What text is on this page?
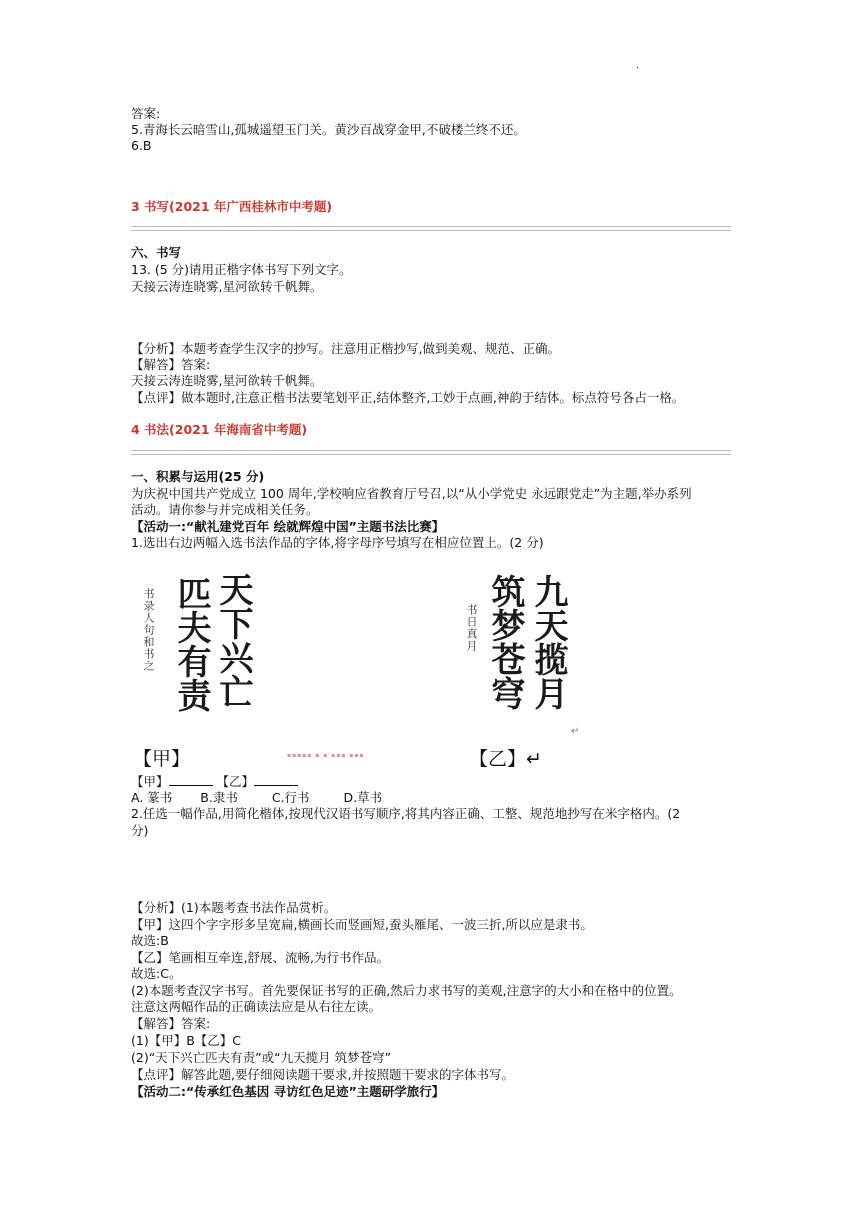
.
答案:
5.青海长云暗雪山,孤城遥望玉门关。黄沙百战穿金甲,不破楼兰终不还。
6.B
3 书写(2021 年广西桂林市中考题)
六、书写
13. (5 分)请用正楷字体书写下列文字。
天接云涛连晓雾,星河欲转千帆舞。
【分析】本题考查学生汉字的抄写。注意用正楷抄写,做到美观、规范、正确。
【解答】答案:
天接云涛连晓雾,星河欲转千帆舞。
【点评】做本题时,注意正楷书法要笔划平正,结体整齐,工妙于点画,神韵于结体。标点符号各占一格。
4 书法(2021 年海南省中考题)
一、积累与运用(25 分)
为庆祝中国共产党成立 100 周年,学校响应省教育厅号召,以“从小学党史 永远跟党走”为主题,举办系列
活动。请你参与并完成相关任务。
【活动一:“献礼建党百年 绘就辉煌中国”主题书法比赛】
1.选出右边两幅入选书法作品的字体,将字母序号填写在相应位置上。(2 分)
书录人句和书之 匹夫有责 天下兴亡
【甲】	▪▪▪▪▪ ▪‘▪’▪▪▪ ▪▪▪
书日真月 筑梦苍穹 九天揽月
↵
【乙】↵
【甲】	【乙】
A. 篆书 B.隶书	C.行书	D.草书
2.任选一幅作品,用简化楷体,按现代汉语书写顺序,将其内容正确、工整、规范地抄写在米字格内。(2
分)
【分析】(1)本题考查书法作品赏析。
【甲】这四个字字形多呈宽扁,横画长而竖画短,蚕头雁尾、一波三折,所以应是隶书。
故选:B
【乙】笔画相互牵连,舒展、流畅,为行书作品。
故选:C。
(2)本题考查汉字书写。首先要保证书写的正确,然后力求书写的美观,注意字的大小和在格中的位置。
注意这两幅作品的正确读法应是从右往左读。
【解答】答案:
(1)【甲】B【乙】C
(2)“天下兴亡匹夫有责”或“九天揽月 筑梦苍穹”
【点评】解答此题,要仔细阅读题干要求,并按照题干要求的字体书写。
【活动二:“传承红色基因 寻访红色足迹”主题研学旅行】
